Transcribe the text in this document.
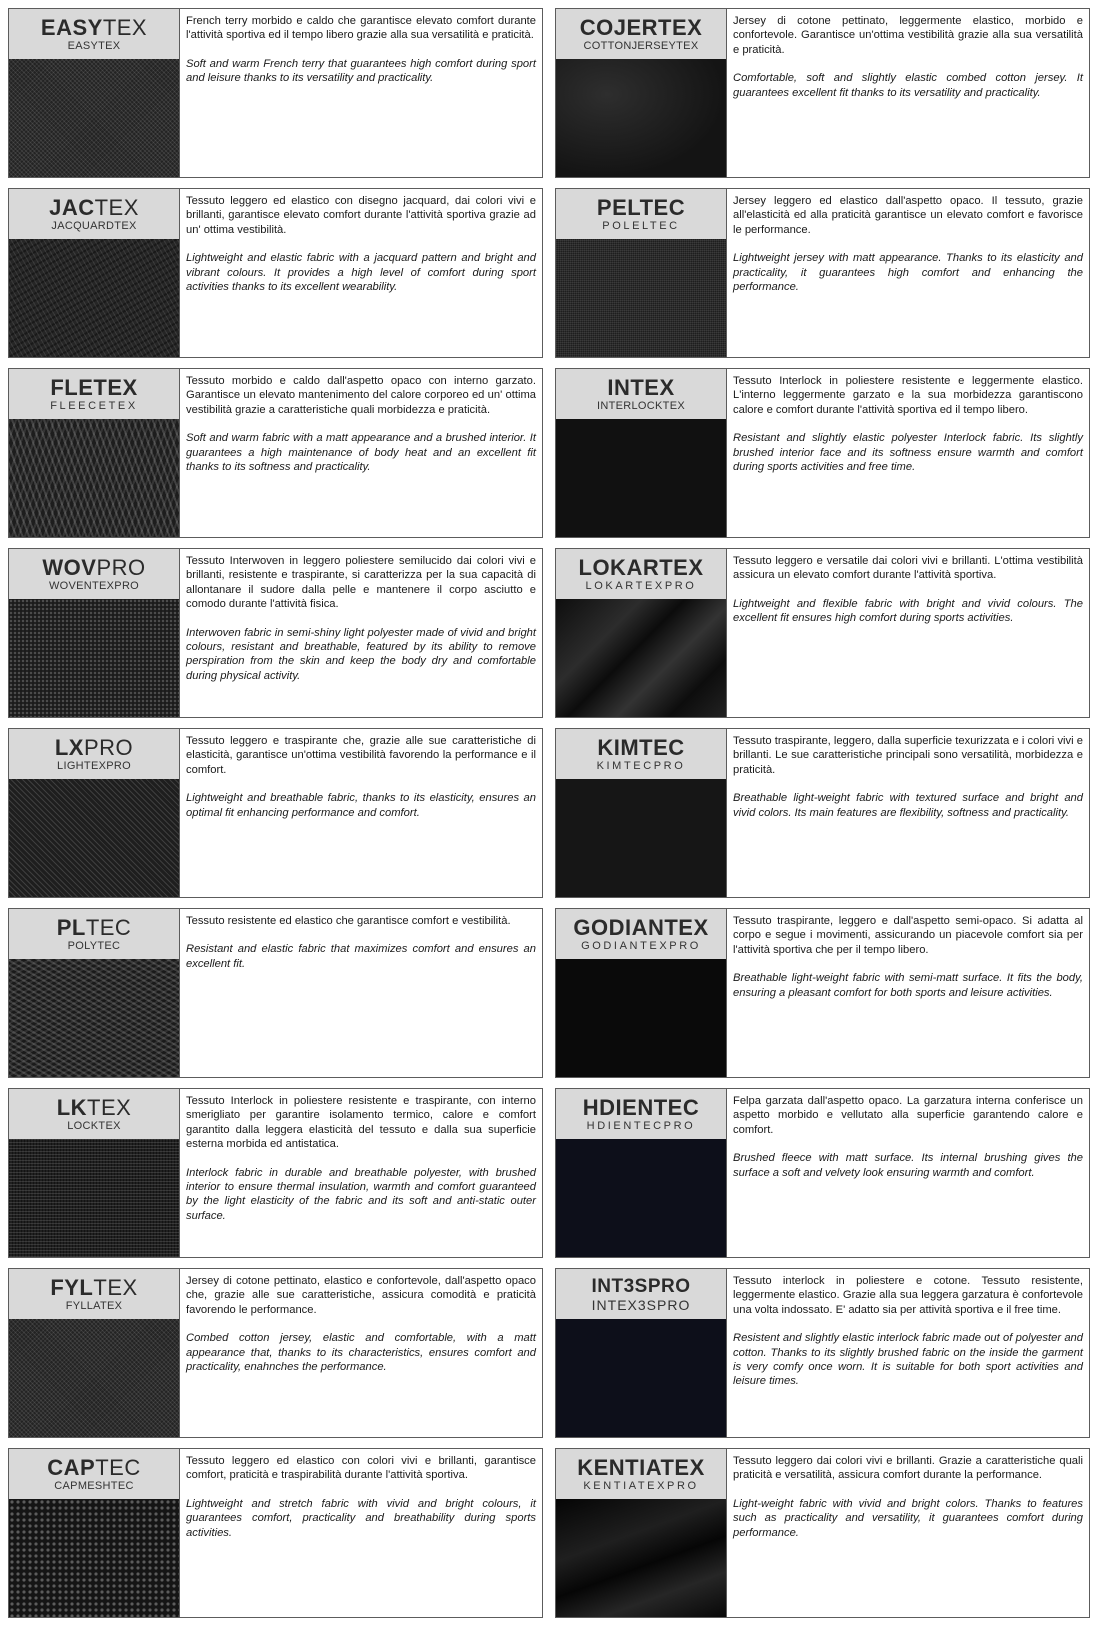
EASYTEX
EASYTEX

French terry morbido e caldo che garantisce elevato comfort durante l'attività sportiva ed il tempo libero grazie alla sua versatilità e praticità.

Soft and warm French terry that guarantees high comfort during sport and leisure thanks to its versatility and practicality.

COJERTEX
COTTONJERSEYTEX

Jersey di cotone pettinato, leggermente elastico, morbido e confortevole. Garantisce un'ottima vestibilità grazie alla sua versatilità e praticità.

Comfortable, soft and slightly elastic combed cotton jersey. It guarantees excellent fit thanks to its versatility and practicality.

JACTEX
JACQUARDTEX

Tessuto leggero ed elastico con disegno jacquard, dai colori vivi e brillanti, garantisce elevato comfort durante l'attività sportiva grazie ad un' ottima vestibilità.

Lightweight and elastic fabric with a jacquard pattern and bright and vibrant colours. It provides a high level of comfort during sport activities thanks to its excellent wearability.

PELTEC
POLELTEC

Jersey leggero ed elastico dall'aspetto opaco. Il tessuto, grazie all'elasticità ed alla praticità garantisce un elevato comfort e favorisce le performance.

Lightweight jersey with matt appearance. Thanks to its elasticity and practicality, it guarantees high comfort and enhancing the performance.

FLETEX
FLEECETEX

Tessuto morbido e caldo dall'aspetto opaco con interno garzato. Garantisce un elevato mantenimento del calore corporeo ed un' ottima vestibilità grazie a caratteristiche quali morbidezza e praticità.

Soft and warm fabric with a matt appearance and a brushed interior. It guarantees a high maintenance of body heat and an excellent fit thanks to its softness and practicality.

INTEX
INTERLOCKTEX

Tessuto Interlock in poliestere resistente e leggermente elastico. L'interno leggermente garzato e la sua morbidezza garantiscono calore e comfort durante l'attività sportiva ed il tempo libero.

Resistant and slightly elastic polyester Interlock fabric. Its slightly brushed interior face and its softness ensure warmth and comfort during sports activities and free time.

WOVPRO
WOVENTEXPRO

Tessuto Interwoven in leggero poliestere semilucido dai colori vivi e brillanti, resistente e traspirante, si caratterizza per la sua capacità di allontanare il sudore dalla pelle e mantenere il corpo asciutto e comodo durante l'attività fisica.

Interwoven fabric in semi-shiny light polyester made of vivid and bright colours, resistant and breathable, featured by its ability to remove perspiration from the skin and keep the body dry and comfortable during physical activity.

LOKARTEX
LOKARTEXPRO

Tessuto leggero e versatile dai colori vivi e brillanti. L'ottima vestibilità assicura un elevato comfort durante l'attività sportiva.

Lightweight and flexible fabric with bright and vivid colours. The excellent fit ensures high comfort during sports activities.

LXPRO
LIGHTEXPRO

Tessuto leggero e traspirante che, grazie alle sue caratteristiche di elasticità, garantisce un'ottima vestibilità favorendo la performance e il comfort.

Lightweight and breathable fabric, thanks to its elasticity, ensures an optimal fit enhancing performance and comfort.

KIMTEC
KIMTECPRO

Tessuto traspirante, leggero, dalla superficie texurizzata e i colori vivi e brillanti. Le sue caratteristiche principali sono versatilità, morbidezza e praticità.

Breathable light-weight fabric with textured surface and bright and vivid colors. Its main features are flexibility, softness and practicality.

PLTEC
POLYTEC

Tessuto resistente ed elastico che garantisce comfort e vestibilità.

Resistant and elastic fabric that maximizes comfort and ensures an excellent fit.

GODIANTEX
GODIANTEXPRO

Tessuto traspirante, leggero e dall'aspetto semi-opaco. Si adatta al corpo e segue i movimenti, assicurando un piacevole comfort sia per l'attività sportiva che per il tempo libero.

Breathable light-weight fabric with semi-matt surface. It fits the body, ensuring a pleasant comfort for both sports and leisure activities.

LKTEX
LOCKTEX

Tessuto Interlock in poliestere resistente e traspirante, con interno smerigliato per garantire isolamento termico, calore e comfort garantito dalla leggera elasticità del tessuto e dalla sua superficie esterna morbida ed antistatica.

Interlock fabric in durable and breathable polyester, with brushed interior to ensure thermal insulation, warmth and comfort guaranteed by the light elasticity of the fabric and its soft and anti-static outer surface.

HDIENTEC
HDIENTECPRO

Felpa garzata dall'aspetto opaco. La garzatura interna conferisce un aspetto morbido e vellutato alla superficie garantendo calore e comfort.

Brushed fleece with matt surface. Its internal brushing gives the surface a soft and velvety look ensuring warmth and comfort.

FYLTEX
FYLLATEX

Jersey di cotone pettinato, elastico e confortevole, dall'aspetto opaco che, grazie alle sue caratteristiche, assicura comodità e praticità favorendo le performance.

Combed cotton jersey, elastic and comfortable, with a matt appearance that, thanks to its characteristics, ensures comfort and practicality, enahnches the performance.

INT3SPRO
INTEX3SPRO

Tessuto interlock in poliestere e cotone. Tessuto resistente, leggermente elastico. Grazie alla sua leggera garzatura è confortevole una volta indossato. E' adatto sia per attività sportiva e il free time.

Resistent and slightly elastic interlock fabric made out of polyester and cotton. Thanks to its slightly brushed fabric on the inside the garment is very comfy once worn. It is suitable for both sport activities and leisure times.

CAPTEC
CAPMESHTEC

Tessuto leggero ed elastico con colori vivi e brillanti, garantisce comfort, praticità e traspirabilità durante l'attività sportiva.

Lightweight and stretch fabric with vivid and bright colours, it guarantees comfort, practicality and breathability during sports activities.

KENTIATEX
KENTIATEXPRO

Tessuto leggero dai colori vivi e brillanti. Grazie a caratteristiche quali praticità e versatilità, assicura comfort durante la performance.

Light-weight fabric with vivid and bright colors. Thanks to features such as practicality and versatility, it guarantees comfort during performance.
